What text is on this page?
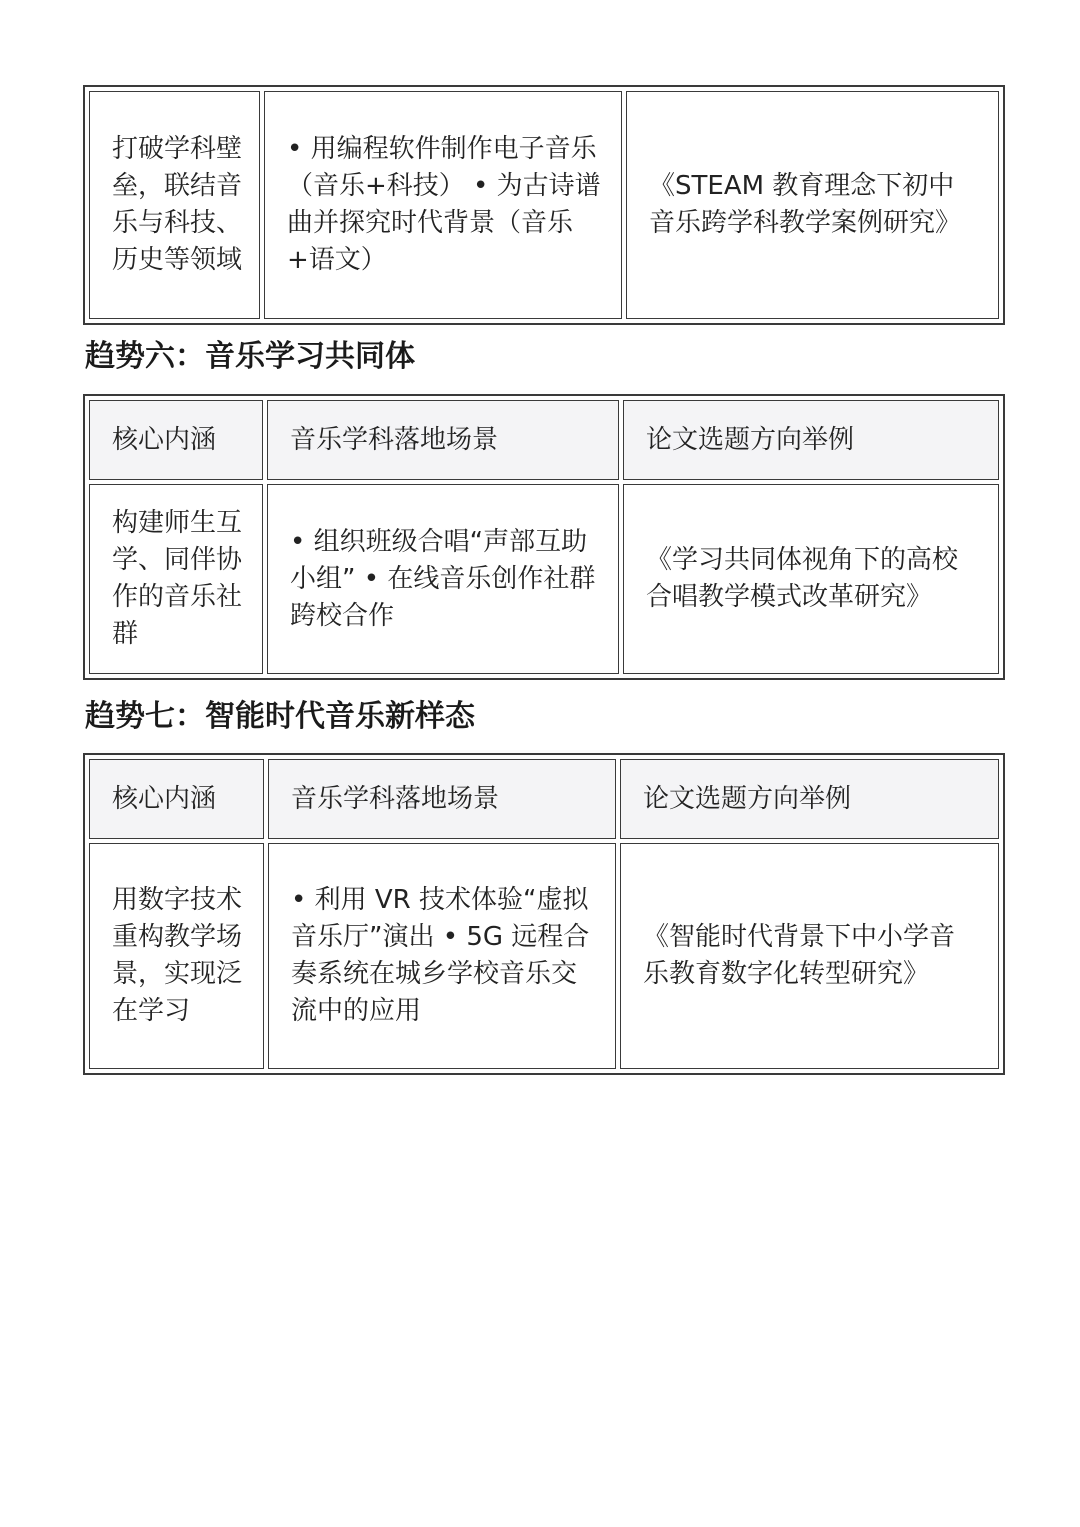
打破学科壁垒，联结音乐与科技、历史等领域	• 用编程软件制作电子音乐（音乐+科技） • 为古诗谱曲并探究时代背景（音乐+语文）	《STEAM 教育理念下初中音乐跨学科教学案例研究》
趋势六：音乐学习共同体
核心内涵	音乐学科落地场景	论文选题方向举例
构建师生互学、同伴协作的音乐社群	• 组织班级合唱“声部互助小组” • 在线音乐创作社群跨校合作	《学习共同体视角下的高校合唱教学模式改革研究》
趋势七：智能时代音乐新样态
核心内涵	音乐学科落地场景	论文选题方向举例
用数字技术重构教学场景，实现泛在学习	• 利用 VR 技术体验“虚拟音乐厅”演出 • 5G 远程合奏系统在城乡学校音乐交流中的应用	《智能时代背景下中小学音乐教育数字化转型研究》
